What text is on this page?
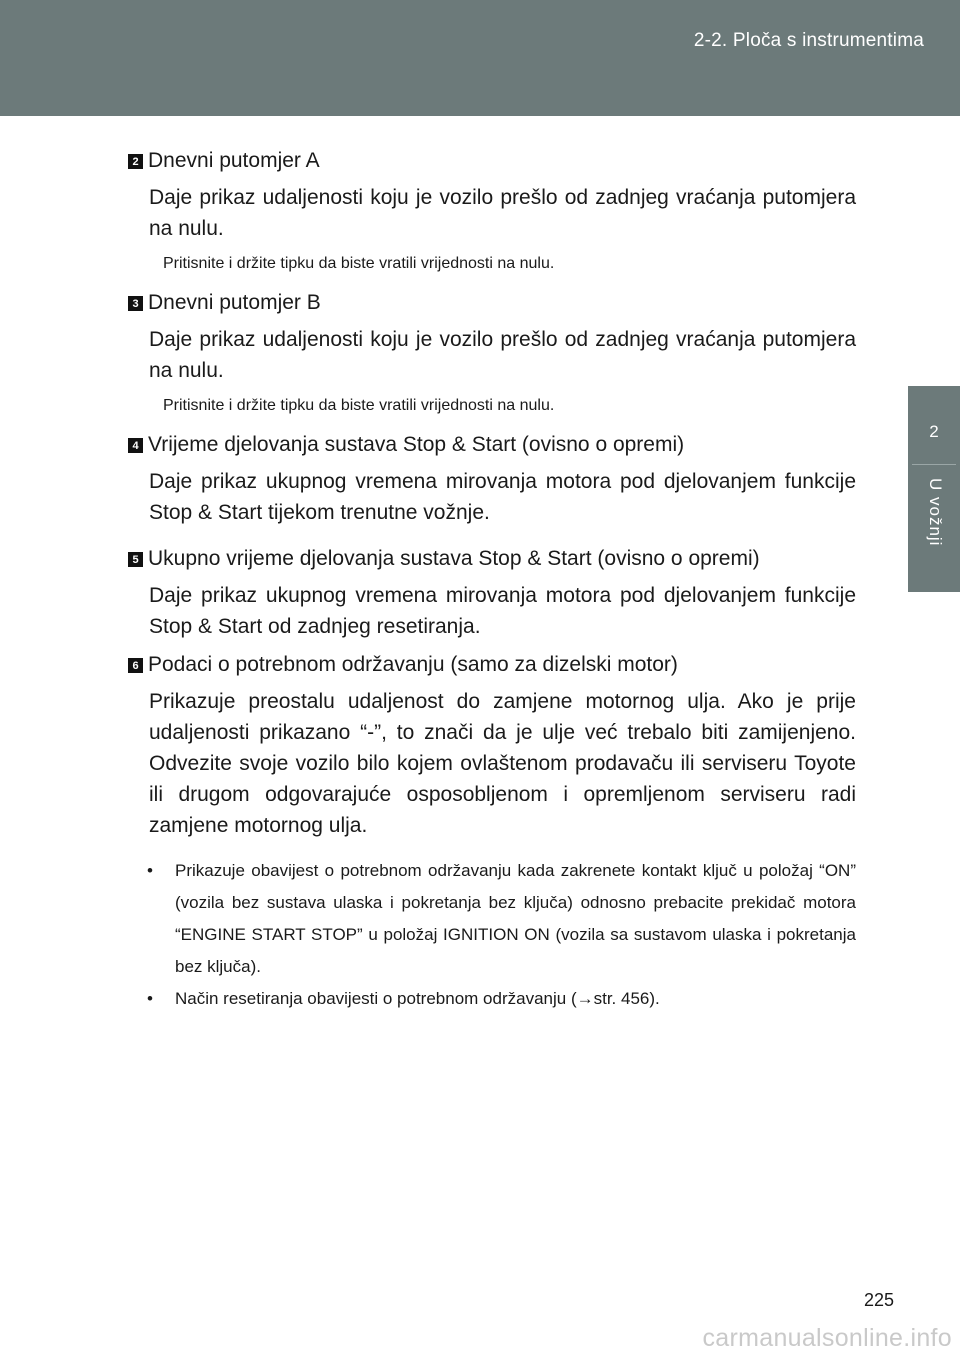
2-2. Ploča s instrumentima
2
U vožnji
2 Dnevni putomjer A
Daje prikaz udaljenosti koju je vozilo prešlo od zadnjeg vraćanja putomjera na nulu.
Pritisnite i držite tipku da biste vratili vrijednosti na nulu.
3 Dnevni putomjer B
Daje prikaz udaljenosti koju je vozilo prešlo od zadnjeg vraćanja putomjera na nulu.
Pritisnite i držite tipku da biste vratili vrijednosti na nulu.
4 Vrijeme djelovanja sustava Stop & Start (ovisno o opremi)
Daje prikaz ukupnog vremena mirovanja motora pod djelovanjem funkcije Stop & Start tijekom trenutne vožnje.
5 Ukupno vrijeme djelovanja sustava Stop & Start (ovisno o opremi)
Daje prikaz ukupnog vremena mirovanja motora pod djelovanjem funkcije Stop & Start od zadnjeg resetiranja.
6 Podaci o potrebnom održavanju (samo za dizelski motor)
Prikazuje preostalu udaljenost do zamjene motornog ulja. Ako je prije udaljenosti prikazano “-”, to znači da je ulje već trebalo biti zamijenjeno. Odvezite svoje vozilo bilo kojem ovlaštenom prodavaču ili serviseru Toyote ili drugom odgovarajuće osposobljenom i opremljenom serviseru radi zamjene motornog ulja.
• Prikazuje obavijest o potrebnom održavanju kada zakrenete kontakt ključ u položaj “ON” (vozila bez sustava ulaska i pokretanja bez ključa) odnosno prebacite prekidač motora “ENGINE START STOP” u položaj IGNITION ON (vozila sa sustavom ulaska i pokretanja bez ključa).
• Način resetiranja obavijesti o potrebnom održavanju (→str. 456).
225
carmanualsonline.info
